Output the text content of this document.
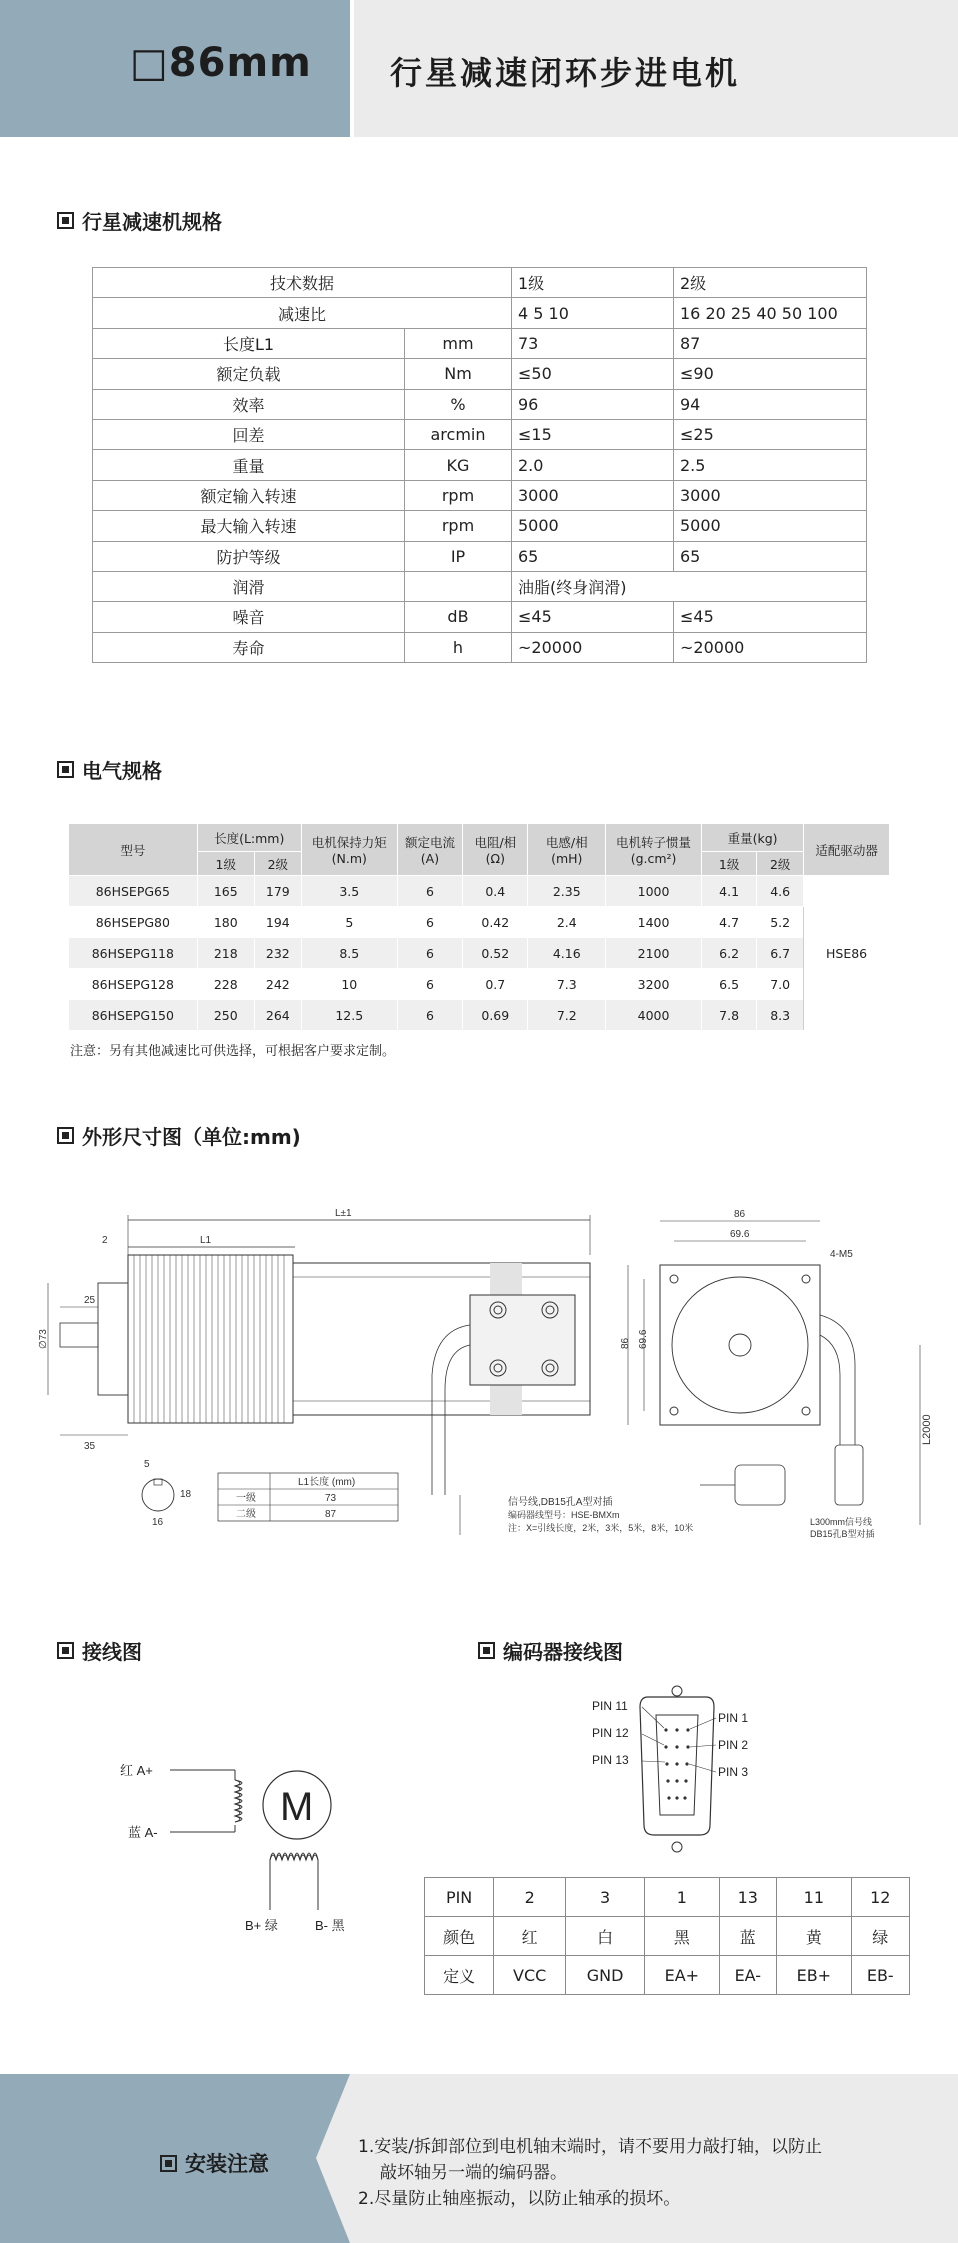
□86mm 行星减速闭环步进电机
行星减速机规格
技术数据		1级	2级
减速比		4 5 10	16 20 25 40 50 100
长度L1	mm	73	87
额定负载	Nm	≤50	≤90
效率	%	96	94
回差	arcmin	≤15	≤25
重量	KG	2.0	2.5
额定输入转速	rpm	3000	3000
最大输入转速	rpm	5000	5000
防护等级	IP	65	65
润滑		油脂(终身润滑)	
噪音	dB	≤45	≤45
寿命	h	~20000	~20000
电气规格
型号	长度(L:mm)		电机保持力矩(N.m)	额定电流(A)	电阻/相(Ω)	电感/相(mH)	电机转子惯量(g.cm²)	重量(kg)		适配驱动器
	1级	2级						1级	2级	
86HSEPG65	165	179	3.5	6	0.4	2.35	1000	4.1	4.6	HSE86
86HSEPG80	180	194	5	6	0.42	2.4	1400	4.7	5.2	
86HSEPG118	218	232	8.5	6	0.52	4.16	2100	6.2	6.7	
86HSEPG128	228	242	10	6	0.7	7.3	3200	6.5	7.0	
86HSEPG150	250	264	12.5	6	0.69	7.2	4000	7.8	8.3	
注意：另有其他减速比可供选择，可根据客户要求定制。
外形尺寸图（单位:mm)
L±1
L1
2
∅73
25
35
5
18
16
L1长度 (mm)
一级	73
二级	87
信号线,DB15孔A型对插
编码器线型号：HSE-BMXm
注：X=引线长度，2米，3米，5米，8米，10米
86
69.6
4-M5
86 69.6
L2000
L300mm信号线
DB15孔B型对插
接线图
红 A+
蓝 A-
M
B+ 绿	B- 黑
编码器接线图
PIN 11
PIN 12
PIN 13
PIN 1
PIN 2
PIN 3
PIN	2	3	1	13	11	12
颜色	红	白	黑	蓝	黄	绿
定义	VCC	GND	EA+	EA-	EB+	EB-
安装注意
1.安装/拆卸部位到电机轴末端时，请不要用力敲打轴，以防止
敲坏轴另一端的编码器。
2.尽量防止轴座振动，以防止轴承的损坏。
